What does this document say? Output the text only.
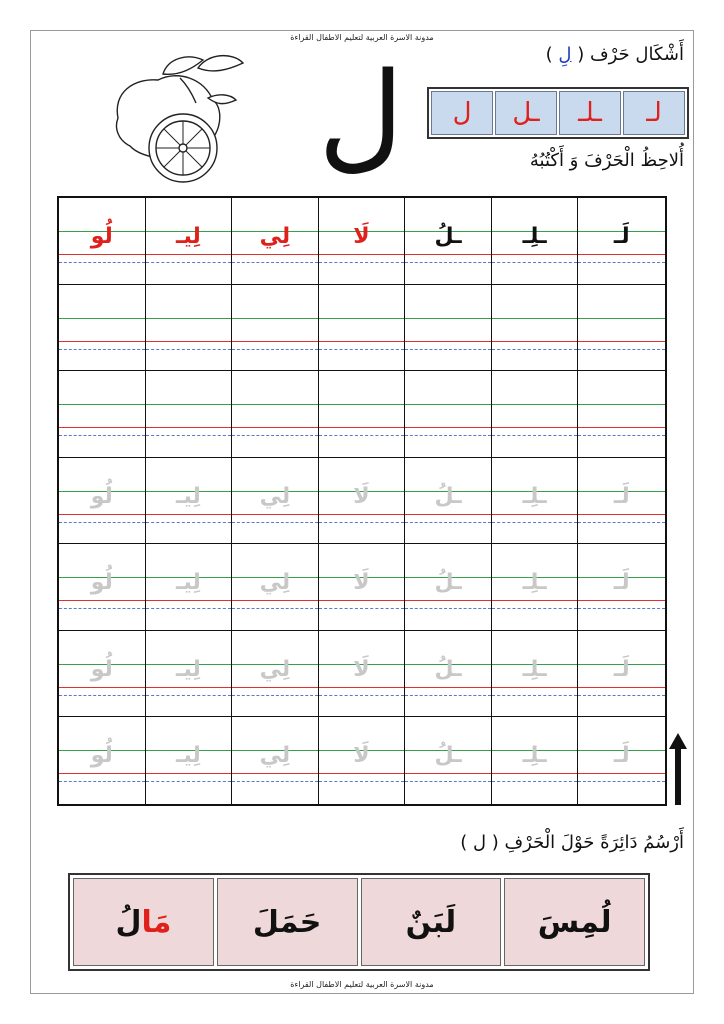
مدونة الاسرة العربية لتعليم الاطفال القراءة
أَشْكَال حَرْف ( لِ )
لـ
ـلـ
ـل
ل
ل	أُلاحِظُ الْحَرْفَ وَ أَكْتُبُهُ
لُو	لِيـ	لِي	لَا	ـلُ	ـلِـ	لَـ
لُو	لِيـ	لِي	لَا	ـلُ	ـلِـ	لَـ
لُو	لِيـ	لِي	لَا	ـلُ	ـلِـ	لَـ
لُو	لِيـ	لِي	لَا	ـلُ	ـلِـ	لَـ
لُو	لِيـ	لِي	لَا	ـلُ	ـلِـ	لَـ
أَرْسُمُ دَائِرَةً حَوْلَ الْحَرْفِ ( ل )
لُمِسَ
لَبَنٌ
حَمَلَ
مَا
لُ
مدونة الاسرة العربية لتعليم الاطفال القراءة
